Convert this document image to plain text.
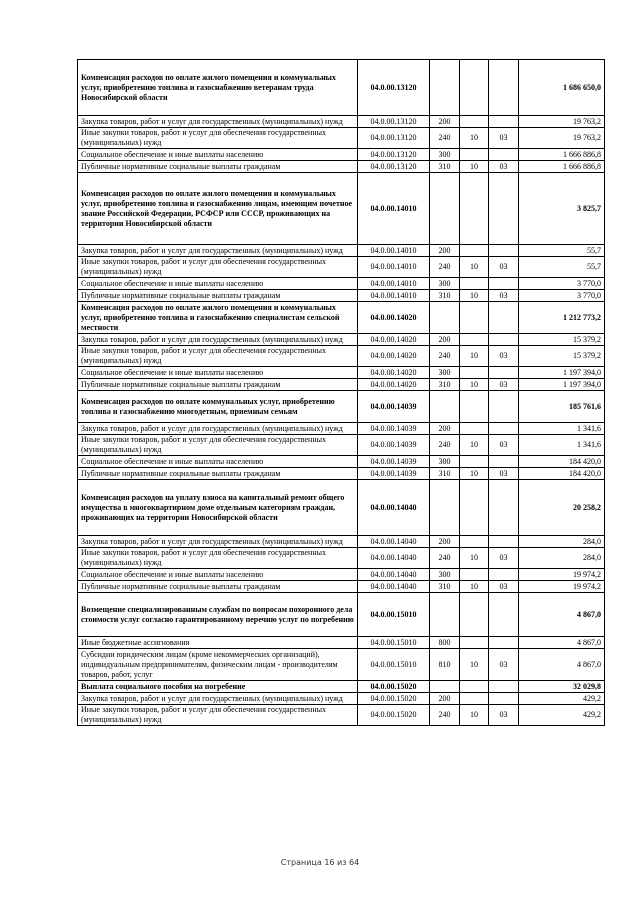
Компенсация расходов по оплате жилого помещения и коммунальных услуг, приобретению топлива и газоснабжению ветеранам труда Новосибирской области	04.0.00.13120				1 686 650,0
Закупка товаров, работ и услуг для государственных (муниципальных) нужд	04.0.00.13120	200			19 763,2
Иные закупки товаров, работ и услуг для обеспечения государственных (муниципальных) нужд	04.0.00.13120	240	10	03	19 763,2
Социальное обеспечение и иные выплаты населению	04.0.00.13120	300			1 666 886,8
Публичные нормативные социальные выплаты гражданам	04.0.00.13120	310	10	03	1 666 886,8
Компенсация расходов по оплате жилого помещения и коммунальных услуг, приобретению топлива и газоснабжению лицам, имеющим почетное звание Российской Федерации, РСФСР или СССР, проживающих на территории Новосибирской области	04.0.00.14010				3 825,7
Закупка товаров, работ и услуг для государственных (муниципальных) нужд	04.0.00.14010	200			55,7
Иные закупки товаров, работ и услуг для обеспечения государственных (муниципальных) нужд	04.0.00.14010	240	10	03	55,7
Социальное обеспечение и иные выплаты населению	04.0.00.14010	300			3 770,0
Публичные нормативные социальные выплаты гражданам	04.0.00.14010	310	10	03	3 770,0
Компенсация расходов по оплате жилого помещения и коммунальных услуг, приобретению топлива и газоснабжению специалистам сельской местности	04.0.00.14020				1 212 773,2
Закупка товаров, работ и услуг для государственных (муниципальных) нужд	04.0.00.14020	200			15 379,2
Иные закупки товаров, работ и услуг для обеспечения государственных (муниципальных) нужд	04.0.00.14020	240	10	03	15 379,2
Социальное обеспечение и иные выплаты населению	04.0.00.14020	300			1 197 394,0
Публичные нормативные социальные выплаты гражданам	04.0.00.14020	310	10	03	1 197 394,0
Компенсация расходов по оплате коммунальных услуг, приобретению топлива и газоснабжению многодетным, приемным семьям	04.0.00.14039				185 761,6
Закупка товаров, работ и услуг для государственных (муниципальных) нужд	04.0.00.14039	200			1 341,6
Иные закупки товаров, работ и услуг для обеспечения государственных (муниципальных) нужд	04.0.00.14039	240	10	03	1 341,6
Социальное обеспечение и иные выплаты населению	04.0.00.14039	300			184 420,0
Публичные нормативные социальные выплаты гражданам	04.0.00.14039	310	10	03	184 420,0
Компенсация расходов на уплату взноса на капитальный ремонт общего имущества в многоквартирном доме отдельным категориям граждан, проживающих на территории Новосибирской области	04.0.00.14040				20 258,2
Закупка товаров, работ и услуг для государственных (муниципальных) нужд	04.0.00.14040	200			284,0
Иные закупки товаров, работ и услуг для обеспечения государственных (муниципальных) нужд	04.0.00.14040	240	10	03	284,0
Социальное обеспечение и иные выплаты населению	04.0.00.14040	300			19 974,2
Публичные нормативные социальные выплаты гражданам	04.0.00.14040	310	10	03	19 974,2
Возмещение специализированным службам по вопросам похоронного дела стоимости услуг согласно гарантированному перечню услуг по погребению	04.0.00.15010				4 867,0
Иные бюджетные ассигнования	04.0.00.15010	800			4 867,0
Субсидии юридическим лицам (кроме некоммерческих организаций), индивидуальным предпринимателям, физическим лицам - производителям товаров, работ, услуг	04.0.00.15010	810	10	03	4 867,0
Выплата социального пособия на погребение	04.0.00.15020				32 029,8
Закупка товаров, работ и услуг для государственных (муниципальных) нужд	04.0.00.15020	200			429,2
Иные закупки товаров, работ и услуг для обеспечения государственных (муниципальных) нужд	04.0.00.15020	240	10	03	429,2
Страница 16 из 64
